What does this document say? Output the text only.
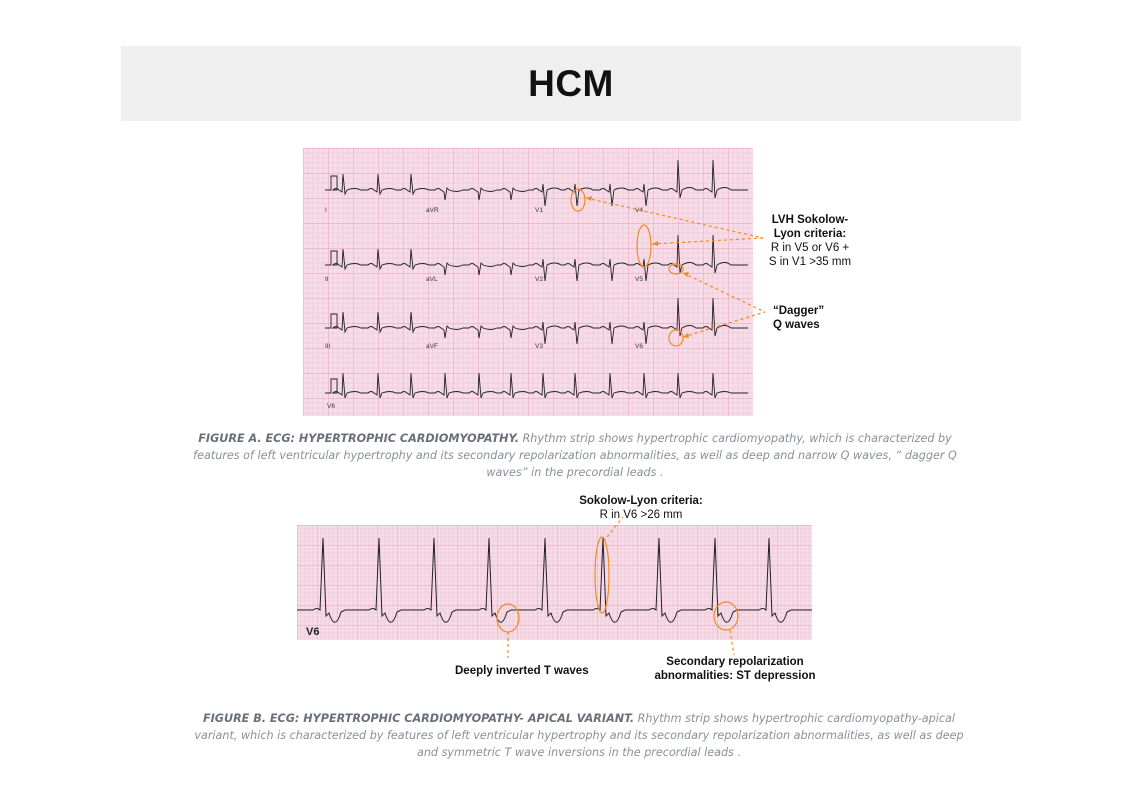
HCM
I	aVR	V1	V4
II	aVL	V2	V5
III	aVF	V3	V6
V6
LVH Sokolow-
Lyon criteria:
R in V5 or V6 +
S in V1 >35 mm
“Dagger”
Q waves
FIGURE A. ECG: HYPERTROPHIC CARDIOMYOPATHY. Rhythm strip shows hypertrophic cardiomyopathy, which is characterized by features of left ventricular hypertrophy and its secondary repolarization abnormalities, as well as deep and narrow Q waves, “ dagger Q waves” in the precordial leads .
Sokolow-Lyon criteria:
R in V6 >26 mm
V6
Deeply inverted T waves
Secondary repolarization
abnormalities: ST depression
FIGURE B. ECG: HYPERTROPHIC CARDIOMYOPATHY- APICAL VARIANT. Rhythm strip shows hypertrophic cardiomyopathy-apical variant, which is characterized by features of left ventricular hypertrophy and its secondary repolarization abnormalities, as well as deep and symmetric T wave inversions in the precordial leads .
